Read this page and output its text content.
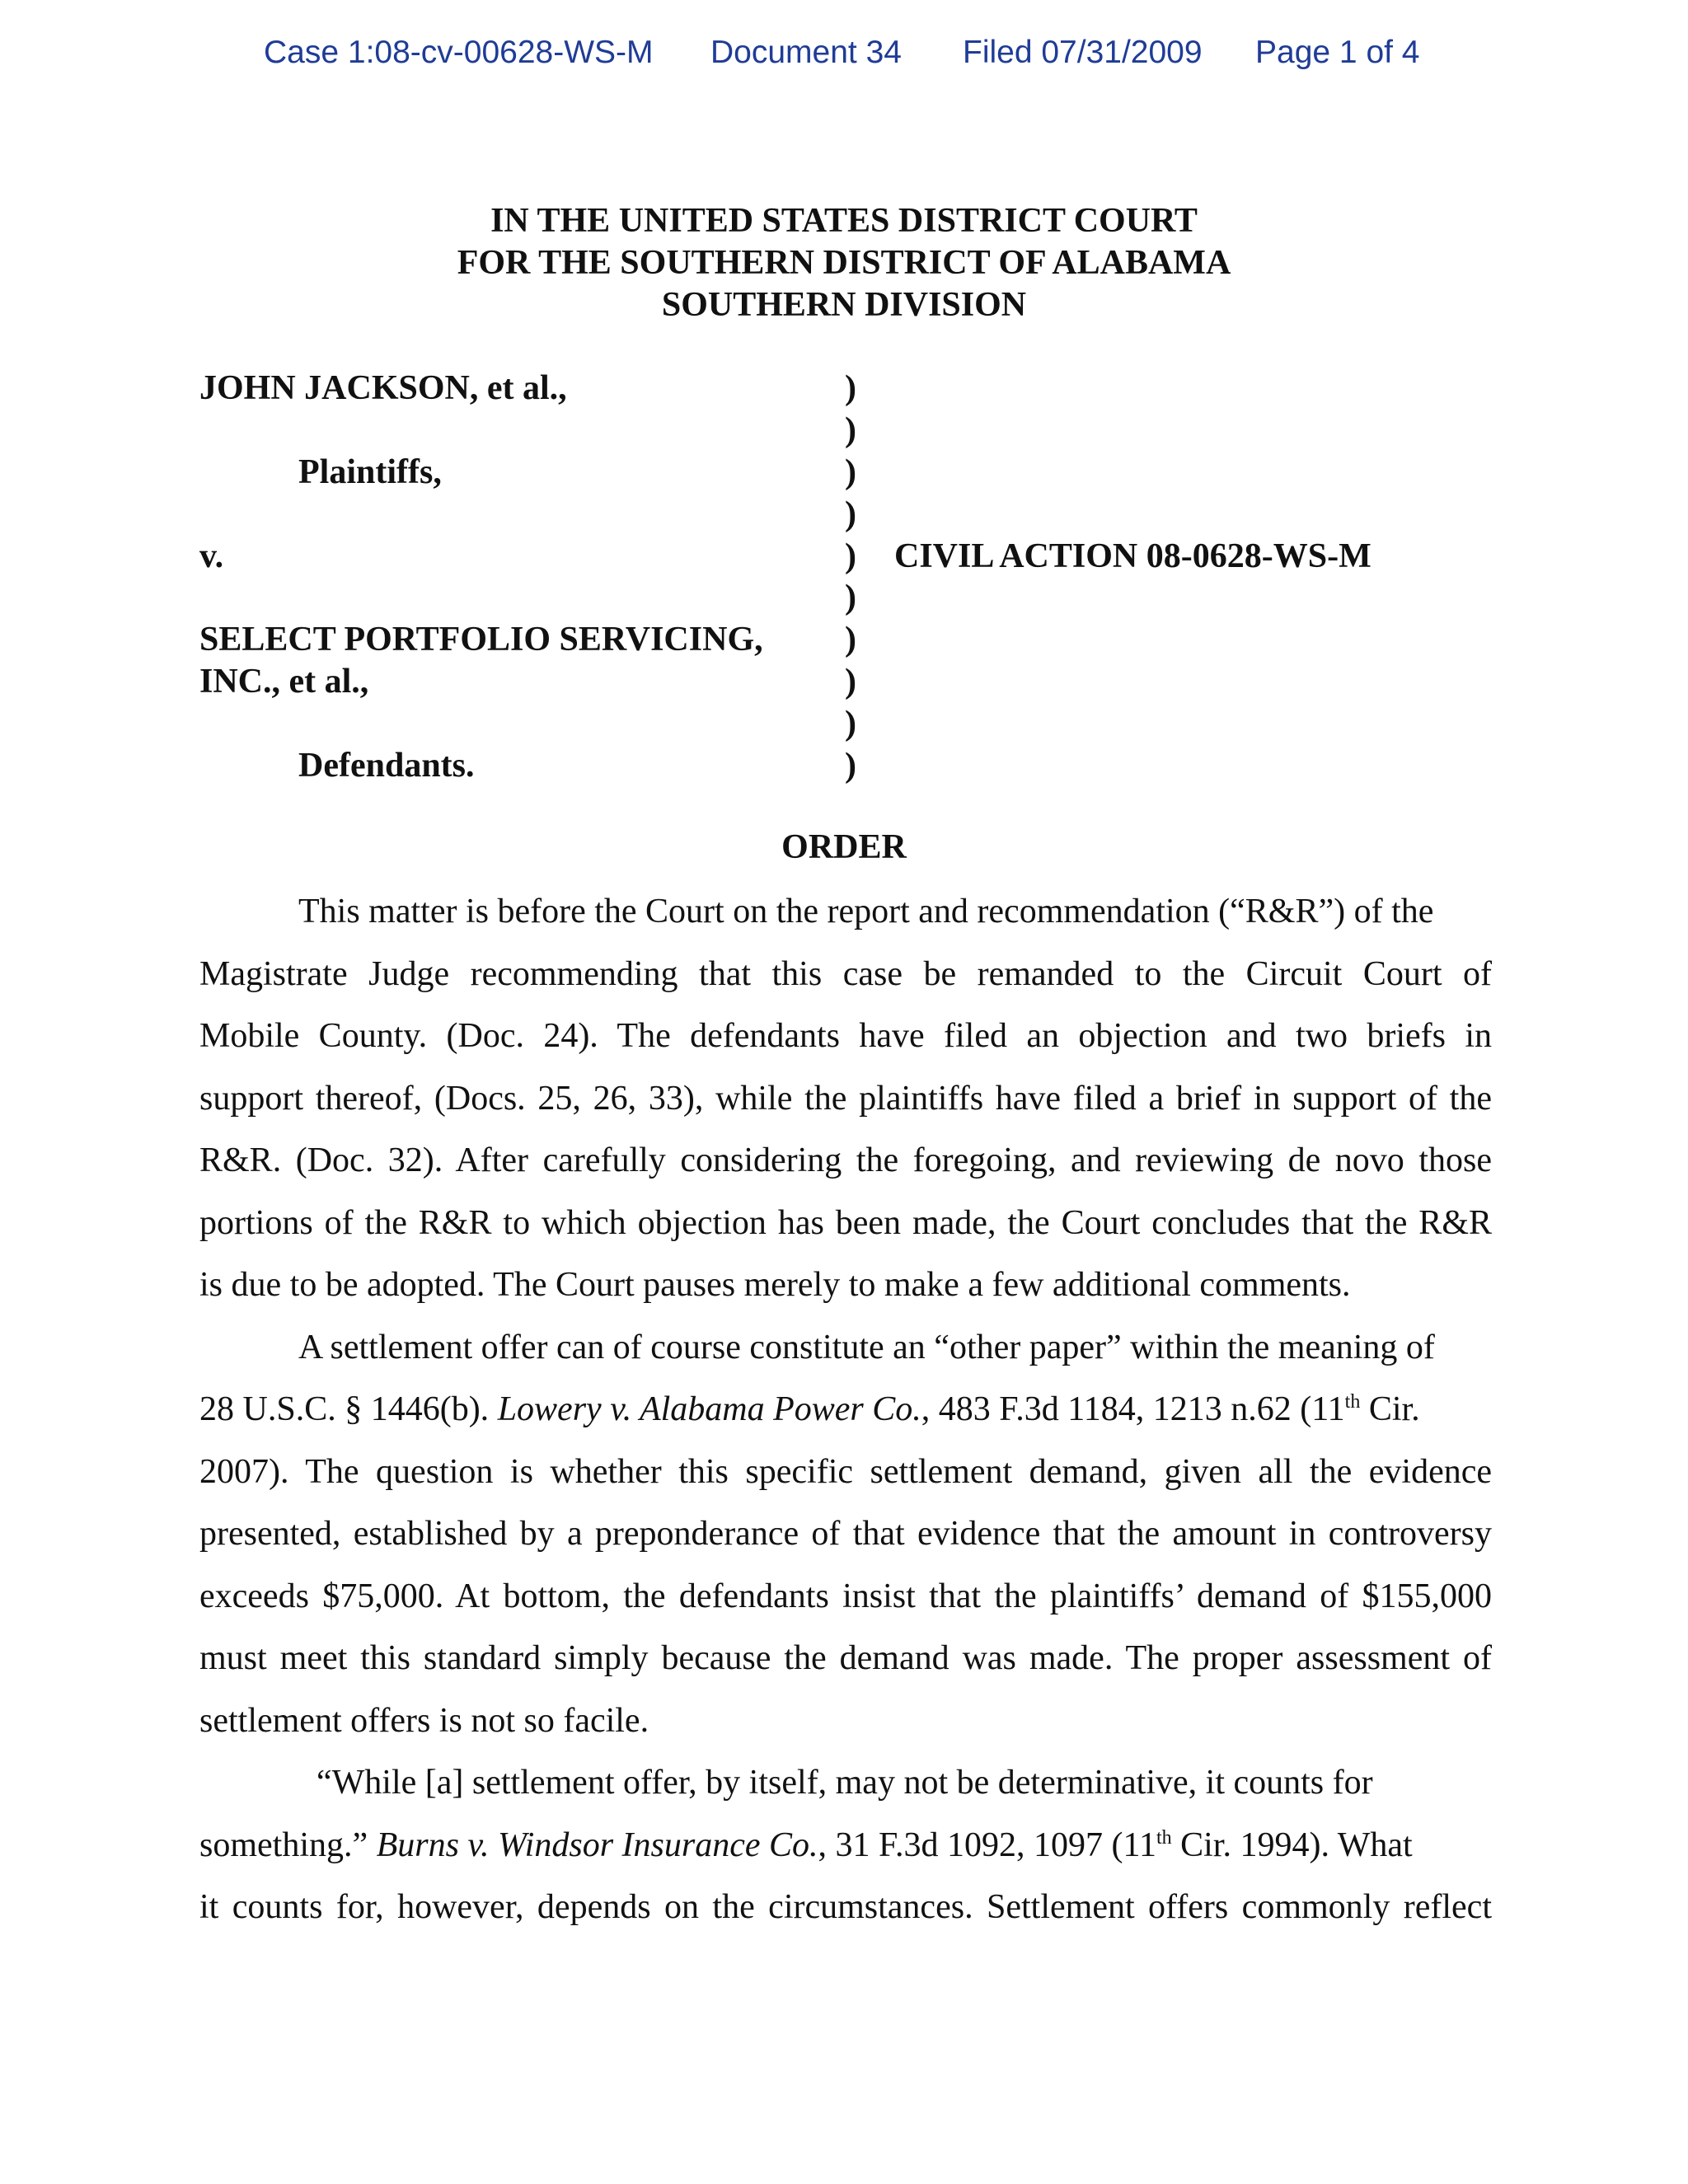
Case 1:08-cv-00628-WS-M Document 34 Filed 07/31/2009 Page 1 of 4
IN THE UNITED STATES DISTRICT COURT
FOR THE SOUTHERN DISTRICT OF ALABAMA
SOUTHERN DIVISION
JOHN JACKSON, et al.,
Plaintiffs,
v.	CIVIL ACTION 08-0628-WS-M
SELECT PORTFOLIO SERVICING,
INC., et al.,
Defendants.
)
)
)
)
)
)
)
)
)
)
ORDER
This matter is before the Court on the report and recommendation (“R&R”) of the
Magistrate Judge recommending that this case be remanded to the Circuit Court of
Mobile County. (Doc. 24). The defendants have filed an objection and two briefs in
support thereof, (Docs. 25, 26, 33), while the plaintiffs have filed a brief in support of the
R&R. (Doc. 32). After carefully considering the foregoing, and reviewing de novo those
portions of the R&R to which objection has been made, the Court concludes that the R&R
is due to be adopted. The Court pauses merely to make a few additional comments.
A settlement offer can of course constitute an “other paper” within the meaning of
28 U.S.C. § 1446(b). Lowery v. Alabama Power Co., 483 F.3d 1184, 1213 n.62 (11th Cir.
2007). The question is whether this specific settlement demand, given all the evidence
presented, established by a preponderance of that evidence that the amount in controversy
exceeds $75,000. At bottom, the defendants insist that the plaintiffs’ demand of $155,000
must meet this standard simply because the demand was made. The proper assessment of
settlement offers is not so facile.
“While [a] settlement offer, by itself, may not be determinative, it counts for
something.” Burns v. Windsor Insurance Co., 31 F.3d 1092, 1097 (11th Cir. 1994). What
it counts for, however, depends on the circumstances. Settlement offers commonly reflect
